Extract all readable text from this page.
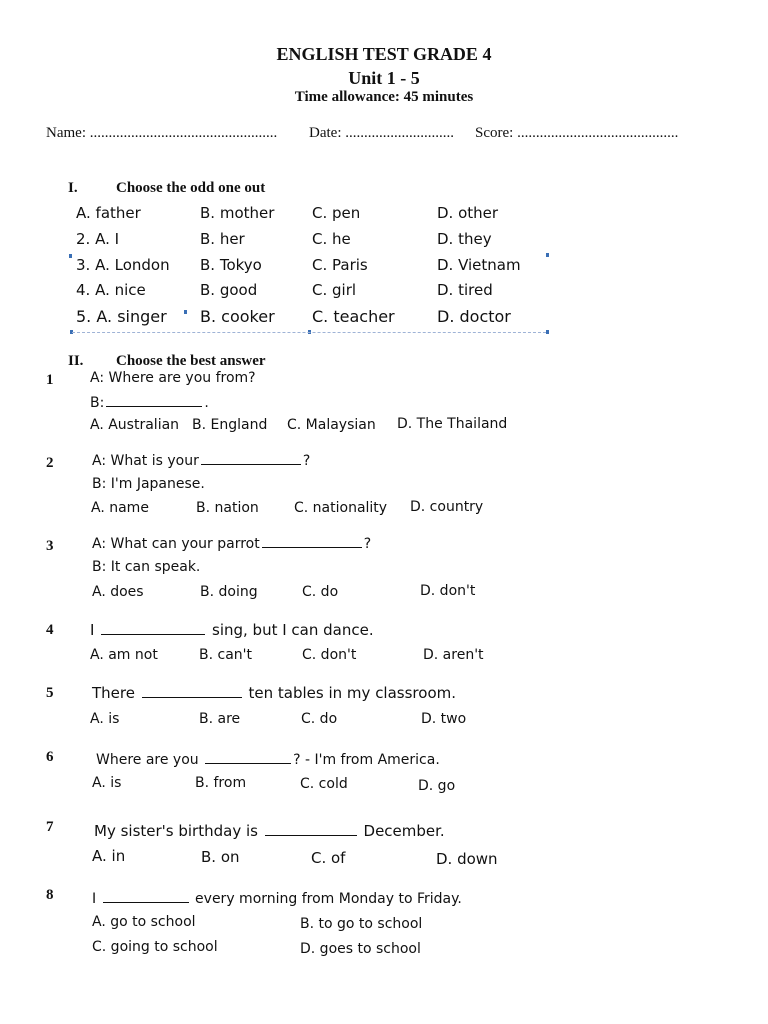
ENGLISH TEST GRADE 4
Unit 1 - 5
Time allowance: 45 minutes
Name: .................................................. Date: ............................. Score: ...........................................
I.	Choose the odd one out
A. father	B. mother	C. pen	D. other
2. A. I	B. her	C. he	D. they
3. A. London B. Tokyo	C. Paris	D. Vietnam
4. A. nice	B. good	C. girl	D. tired
5. A. singer B. cooker C. teacher	D. doctor
II. Choose the best answer
1	A: Where are you from?
B:	.
A. Australian B. England C. Malaysian D. The Thailand
2	A: What is your	?
B: I'm Japanese.
A. name	B. nation	C. nationality D. country
3	A: What can your parrot	?
B: It can speak.
A. does	B. doing	C. do	D. don't
4 I	sing, but I can dance.
A. am not	B. can't	C. don't	D. aren't
5	There	ten tables in my classroom.
A. is	B. are	C. do	D. two
6	Where are you	? - I'm from America.
A. is	B. from	C. cold	D. go
7	My sister's birthday is	December.
A. in	B. on	C. of	D. down
8	I	every morning from Monday to Friday.
A. go to school	B. to go to school
C. going to school	D. goes to school
